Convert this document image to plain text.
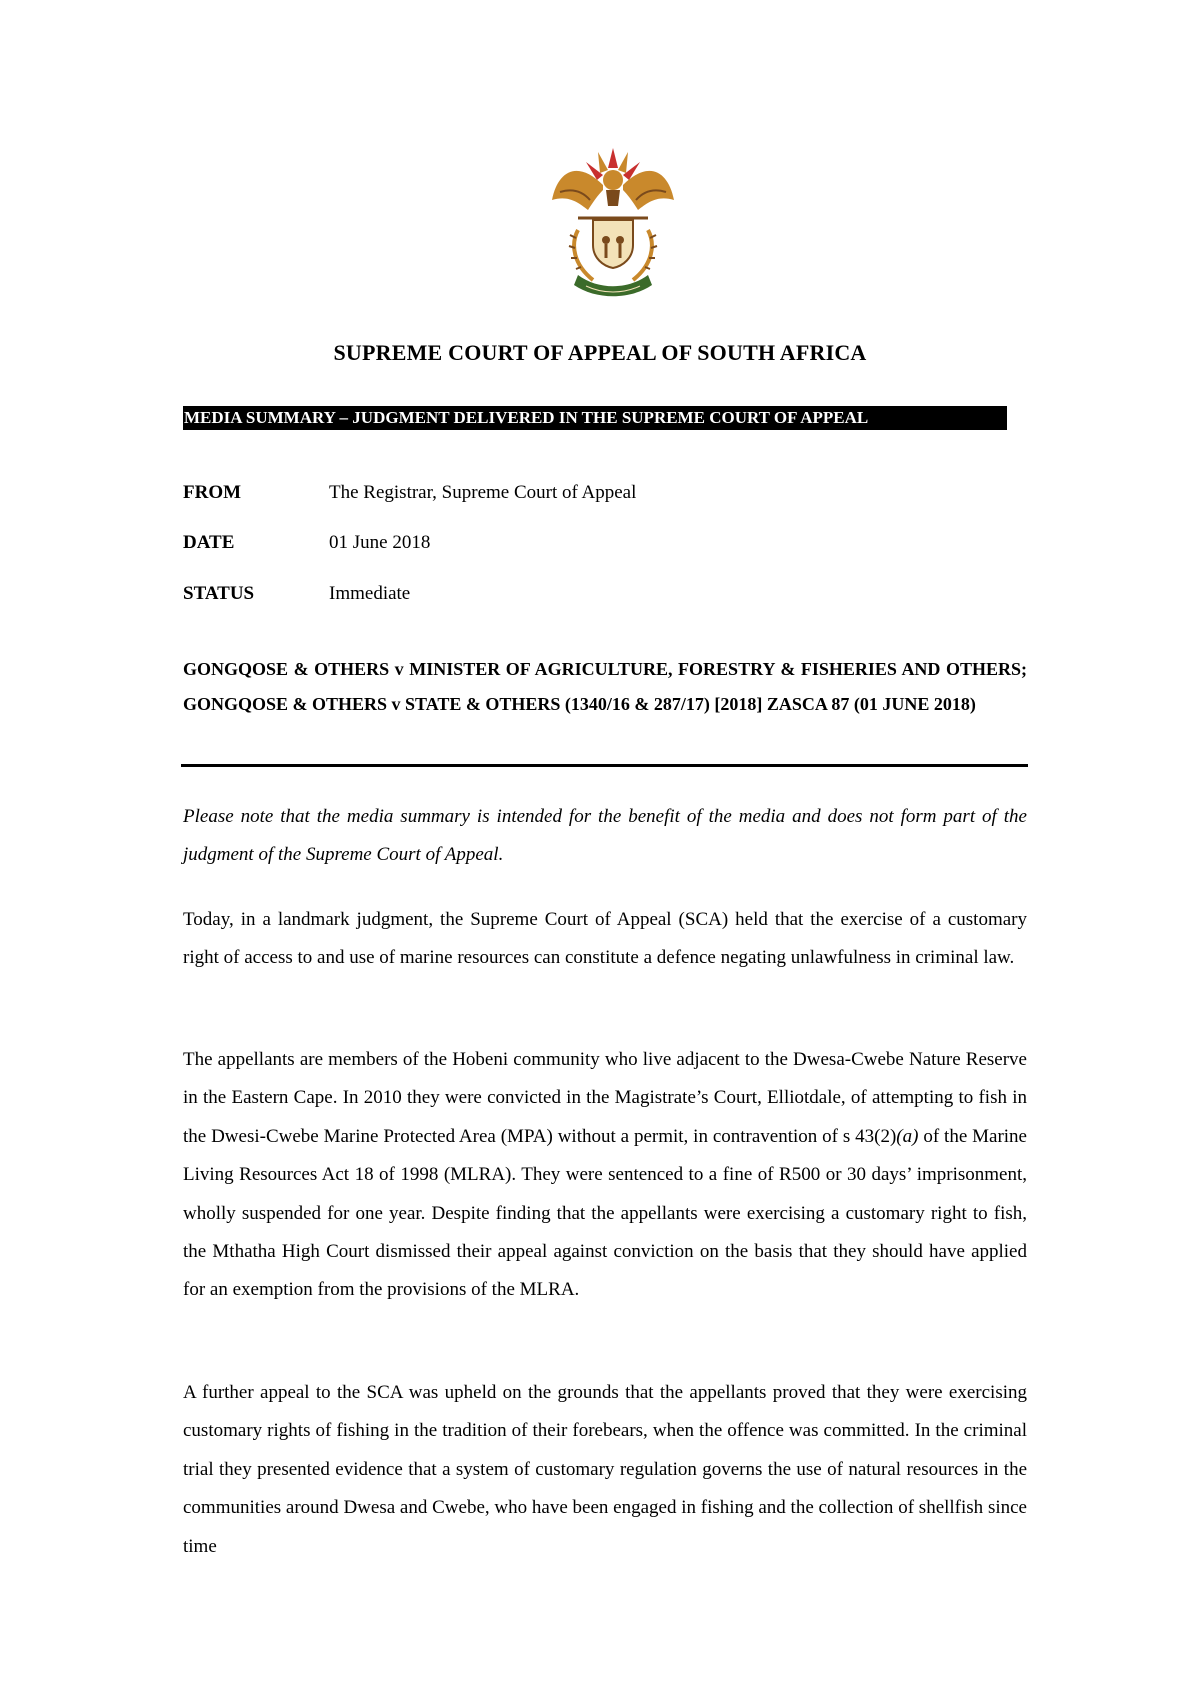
SUPREME COURT OF APPEAL OF SOUTH AFRICA
MEDIA SUMMARY – JUDGMENT DELIVERED IN THE SUPREME COURT OF APPEAL
FROM	The Registrar, Supreme Court of Appeal
DATE	01 June 2018
STATUS	Immediate
GONGQOSE & OTHERS v MINISTER OF AGRICULTURE, FORESTRY & FISHERIES AND OTHERS; GONGQOSE & OTHERS v STATE & OTHERS (1340/16 & 287/17) [2018] ZASCA 87 (01 JUNE 2018)
Please note that the media summary is intended for the benefit of the media and does not form part of the judgment of the Supreme Court of Appeal.
Today, in a landmark judgment, the Supreme Court of Appeal (SCA) held that the exercise of a customary right of access to and use of marine resources can constitute a defence negating unlawfulness in criminal law.
The appellants are members of the Hobeni community who live adjacent to the Dwesa-Cwebe Nature Reserve in the Eastern Cape. In 2010 they were convicted in the Magistrate’s Court, Elliotdale, of attempting to fish in the Dwesi-Cwebe Marine Protected Area (MPA) without a permit, in contravention of s 43(2)(a) of the Marine Living Resources Act 18 of 1998 (MLRA). They were sentenced to a fine of R500 or 30 days’ imprisonment, wholly suspended for one year. Despite finding that the appellants were exercising a customary right to fish, the Mthatha High Court dismissed their appeal against conviction on the basis that they should have applied for an exemption from the provisions of the MLRA.
A further appeal to the SCA was upheld on the grounds that the appellants proved that they were exercising customary rights of fishing in the tradition of their forebears, when the offence was committed. In the criminal trial they presented evidence that a system of customary regulation governs the use of natural resources in the communities around Dwesa and Cwebe, who have been engaged in fishing and the collection of shellfish since time
